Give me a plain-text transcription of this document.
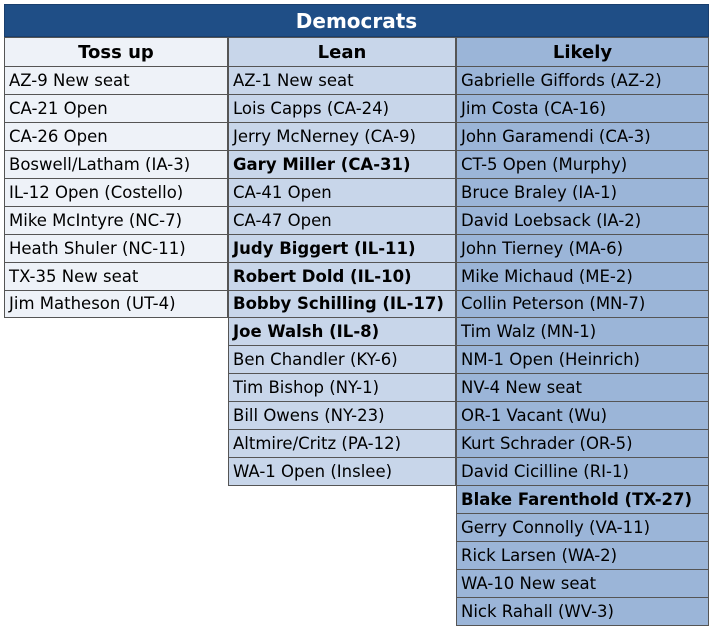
Democrats
Toss up
AZ-9 New seat
CA-21 Open
CA-26 Open
Boswell/Latham (IA-3)
IL-12 Open (Costello)
Mike McIntyre (NC-7)
Heath Shuler (NC-11)
TX-35 New seat
Jim Matheson (UT-4)
Lean
AZ-1 New seat
Lois Capps (CA-24)
Jerry McNerney (CA-9)
Gary Miller (CA-31)
CA-41 Open
CA-47 Open
Judy Biggert (IL-11)
Robert Dold (IL-10)
Bobby Schilling (IL-17)
Joe Walsh (IL-8)
Ben Chandler (KY-6)
Tim Bishop (NY-1)
Bill Owens (NY-23)
Altmire/Critz (PA-12)
WA-1 Open (Inslee)
Likely
Gabrielle Giffords (AZ-2)
Jim Costa (CA-16)
John Garamendi (CA-3)
CT-5 Open (Murphy)
Bruce Braley (IA-1)
David Loebsack (IA-2)
John Tierney (MA-6)
Mike Michaud (ME-2)
Collin Peterson (MN-7)
Tim Walz (MN-1)
NM-1 Open (Heinrich)
NV-4 New seat
OR-1 Vacant (Wu)
Kurt Schrader (OR-5)
David Cicilline (RI-1)
Blake Farenthold (TX-27)
Gerry Connolly (VA-11)
Rick Larsen (WA-2)
WA-10 New seat
Nick Rahall (WV-3)
